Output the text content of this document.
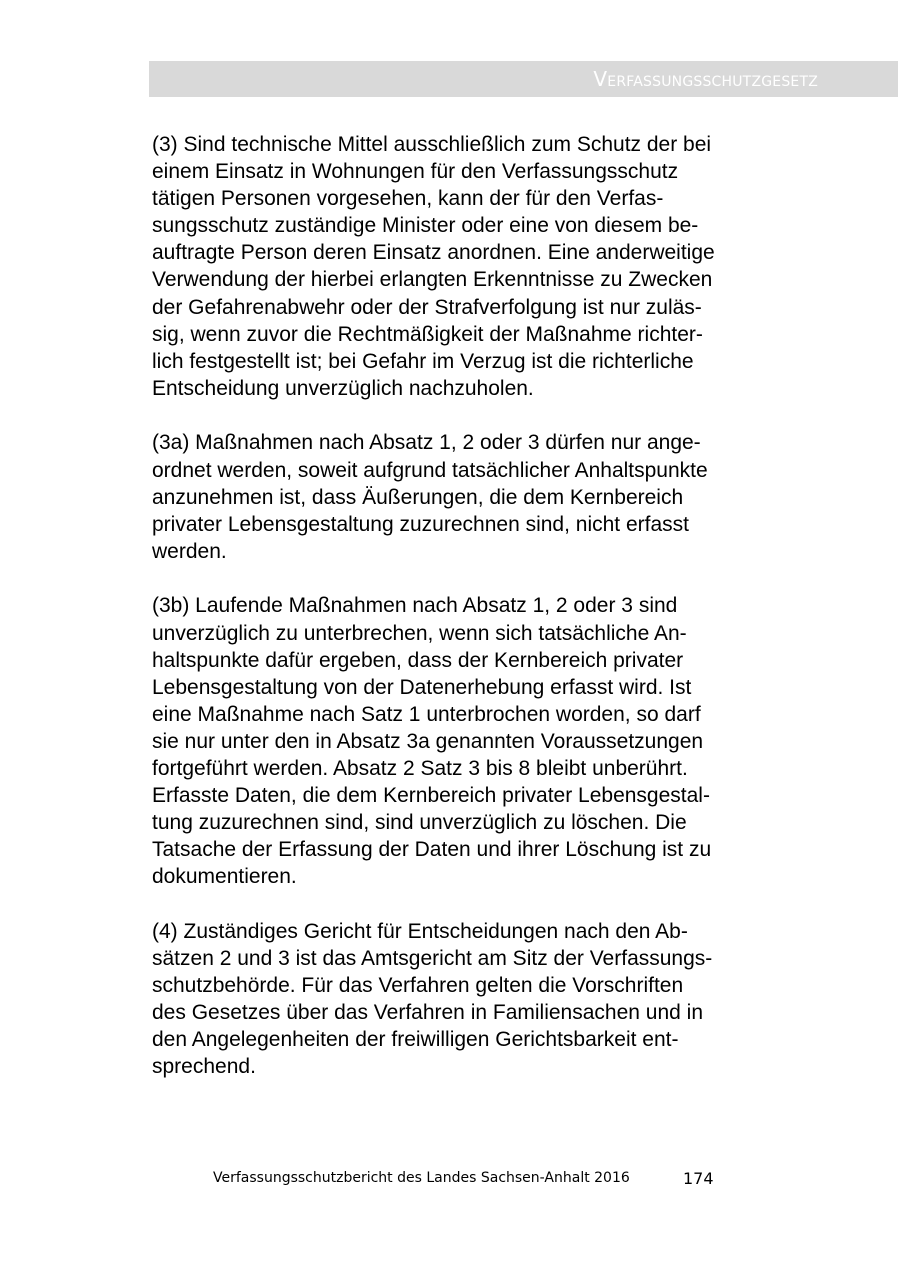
Verfassungsschutzgesetz

(3) Sind technische Mittel ausschließlich zum Schutz der bei
einem Einsatz in Wohnungen für den Verfassungsschutz
tätigen Personen vorgesehen, kann der für den Verfas-
sungsschutz zuständige Minister oder eine von diesem be-
auftragte Person deren Einsatz anordnen. Eine anderweitige
Verwendung der hierbei erlangten Erkenntnisse zu Zwecken
der Gefahrenabwehr oder der Strafverfolgung ist nur zuläs-
sig, wenn zuvor die Rechtmäßigkeit der Maßnahme richter-
lich festgestellt ist; bei Gefahr im Verzug ist die richterliche
Entscheidung unverzüglich nachzuholen.

(3a) Maßnahmen nach Absatz 1, 2 oder 3 dürfen nur ange-
ordnet werden, soweit aufgrund tatsächlicher Anhaltspunkte
anzunehmen ist, dass Äußerungen, die dem Kernbereich
privater Lebensgestaltung zuzurechnen sind, nicht erfasst
werden.

(3b) Laufende Maßnahmen nach Absatz 1, 2 oder 3 sind
unverzüglich zu unterbrechen, wenn sich tatsächliche An-
haltspunkte dafür ergeben, dass der Kernbereich privater
Lebensgestaltung von der Datenerhebung erfasst wird. Ist
eine Maßnahme nach Satz 1 unterbrochen worden, so darf
sie nur unter den in Absatz 3a genannten Voraussetzungen
fortgeführt werden. Absatz 2 Satz 3 bis 8 bleibt unberührt.
Erfasste Daten, die dem Kernbereich privater Lebensgestal-
tung zuzurechnen sind, sind unverzüglich zu löschen. Die
Tatsache der Erfassung der Daten und ihrer Löschung ist zu
dokumentieren.

(4) Zuständiges Gericht für Entscheidungen nach den Ab-
sätzen 2 und 3 ist das Amtsgericht am Sitz der Verfassungs-
schutzbehörde. Für das Verfahren gelten die Vorschriften
des Gesetzes über das Verfahren in Familiensachen und in
den Angelegenheiten der freiwilligen Gerichtsbarkeit ent-
sprechend.

Verfassungsschutzbericht des Landes Sachsen-Anhalt 2016	174
